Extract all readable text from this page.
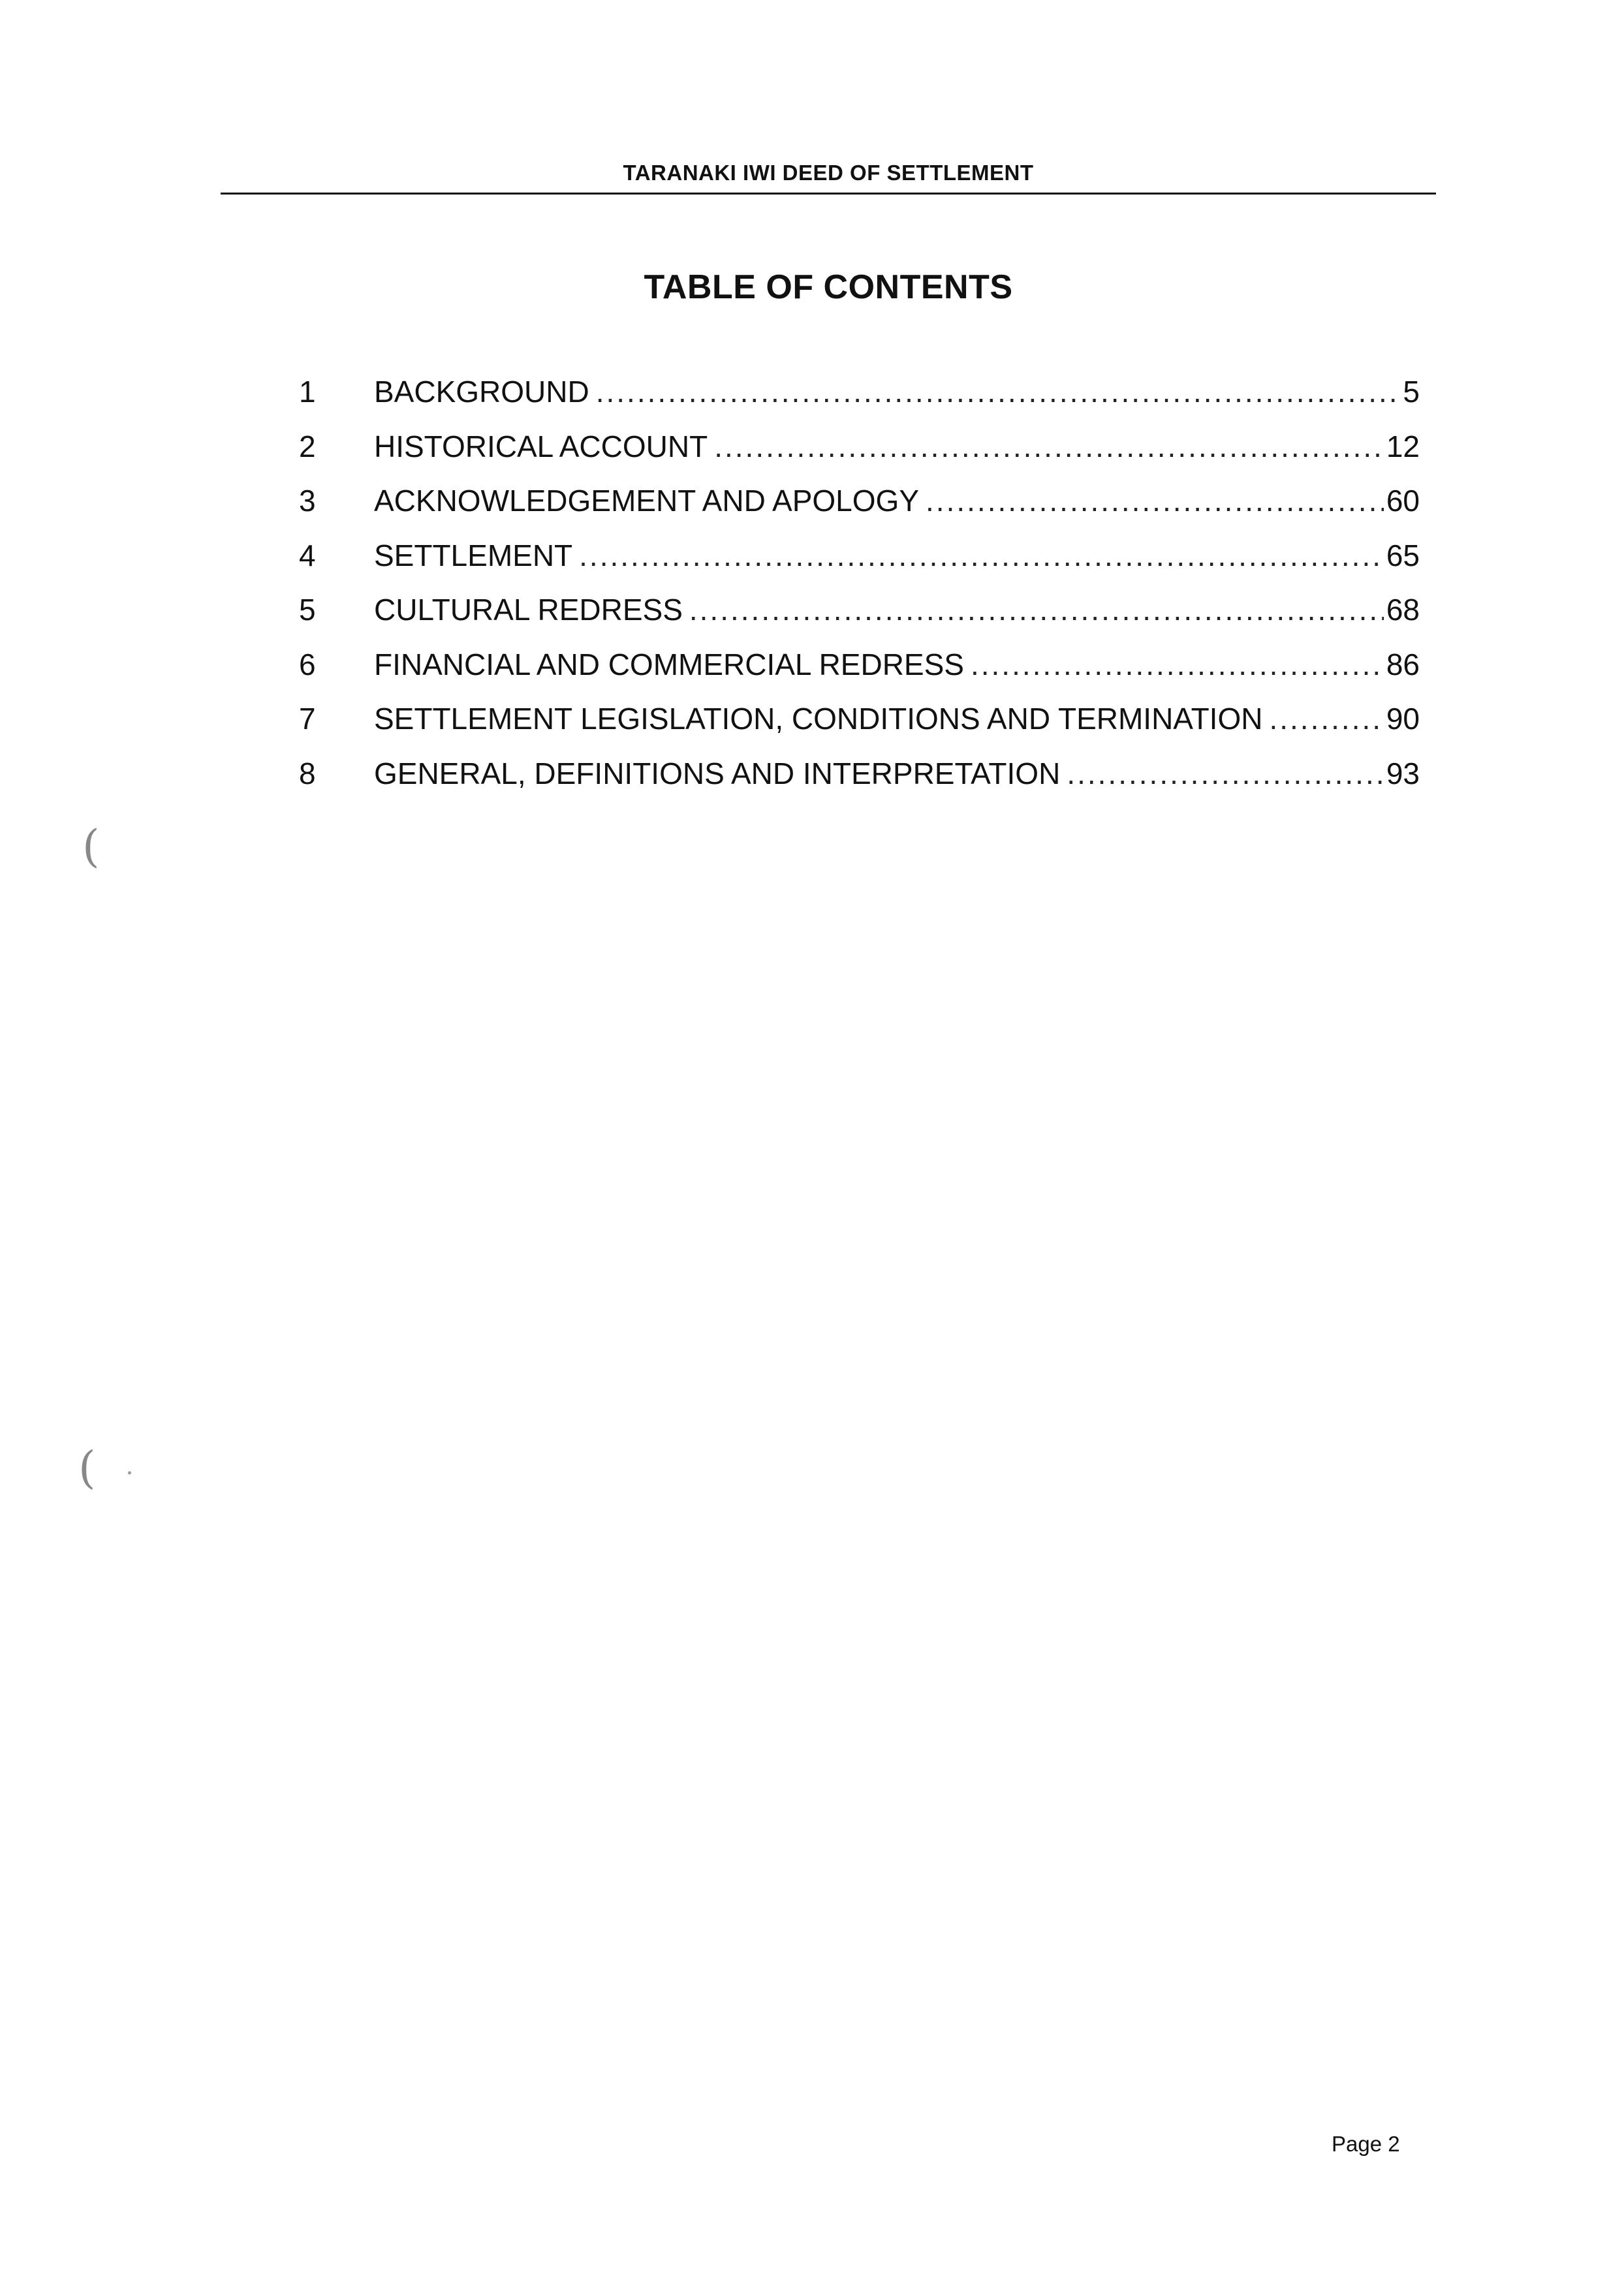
TARANAKI IWI DEED OF SETTLEMENT
TABLE OF CONTENTS
1	BACKGROUND .....	5
2	HISTORICAL ACCOUNT .....	12
3	ACKNOWLEDGEMENT AND APOLOGY .....	60
4	SETTLEMENT .....	65
5	CULTURAL REDRESS .....	68
6	FINANCIAL AND COMMERCIAL REDRESS .....	86
7	SETTLEMENT LEGISLATION, CONDITIONS AND TERMINATION .....	90
8	GENERAL, DEFINITIONS AND INTERPRETATION .....	93
(
(
Page 2
